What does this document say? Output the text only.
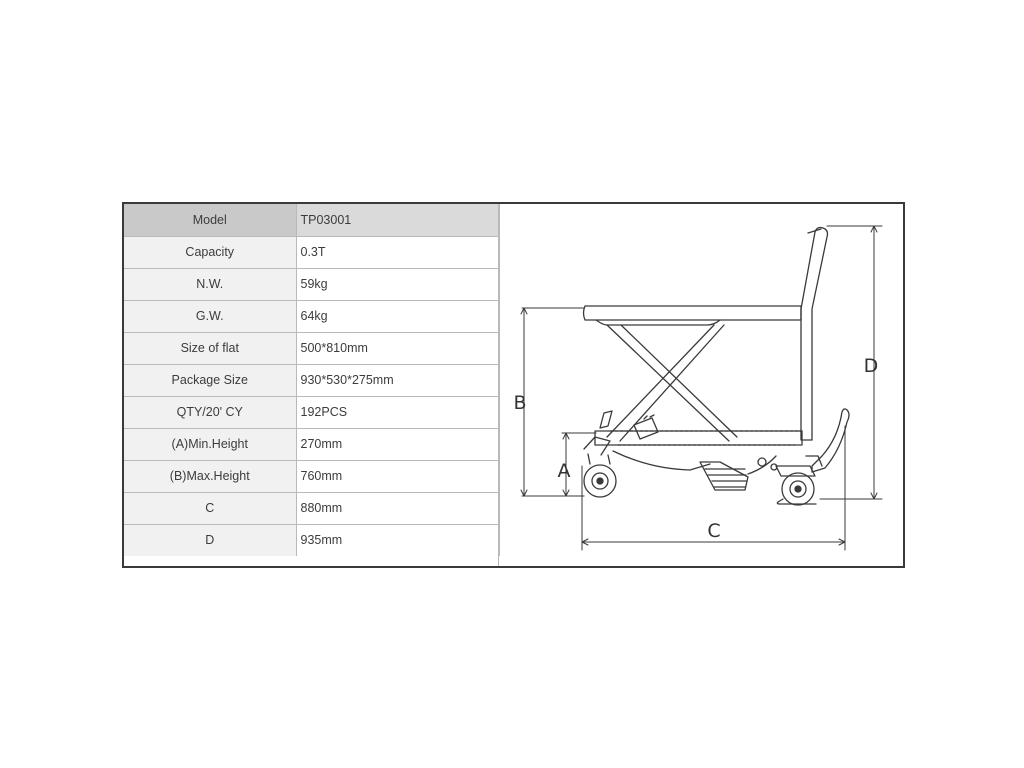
Model	TP03001
Capacity	0.3T
N.W.	59kg
G.W.	64kg
Size of flat	500*810mm
Package Size	930*530*275mm
QTY/20' CY	192PCS
(A)Min.Height	270mm
(B)Max.Height	760mm
C	880mm
D	935mm
B
A
D
C
